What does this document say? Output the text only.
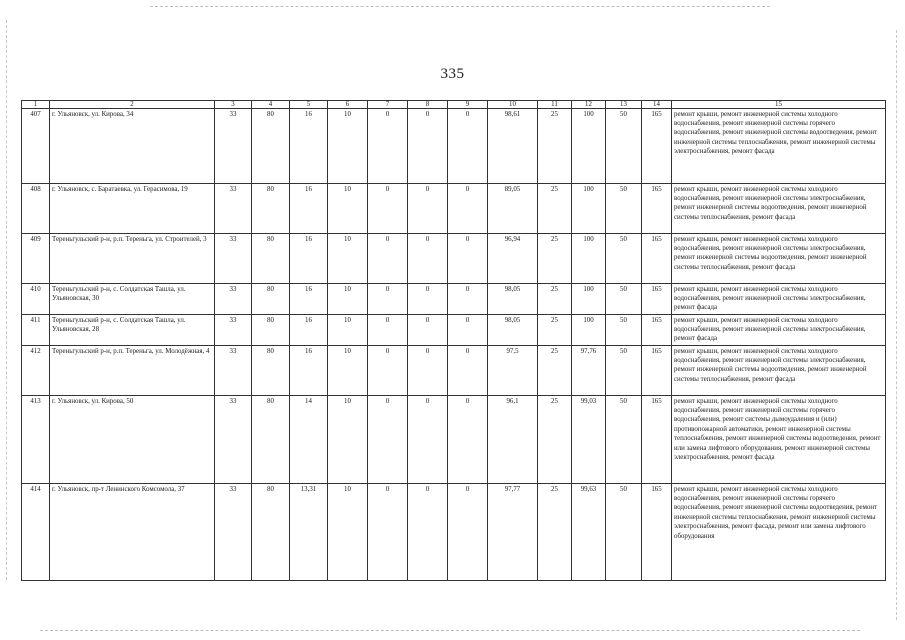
335
1	2	3	4	5	6	7	8	9	10	11	12	13	14	15
407	г. Ульяновск, ул. Кирова, 34	33	80	16	10	0	0	0	98,61	25	100	50	165	ремонт крыши, ремонт инженерной системы холодного водоснабжения, ремонт инженерной системы горячего водоснабжения, ремонт инженерной системы водоотведения, ремонт инженерной системы теплоснабжения, ремонт инженерной системы электроснабжения, ремонт фасада
408	г. Ульяновск, с. Баратаевка, ул. Герасимова, 19	33	80	16	10	0	0	0	89,05	25	100	50	165	ремонт крыши, ремонт инженерной системы холодного водоснабжения, ремонт инженерной системы электроснабжения, ремонт инженерной системы водоотведения, ремонт инженерной системы теплоснабжения, ремонт фасада
409	Тереньгульский р-н, р.п. Тереньга, ул. Строителей, 3	33	80	16	10	0	0	0	96,94	25	100	50	165	ремонт крыши, ремонт инженерной системы холодного водоснабжения, ремонт инженерной системы электроснабжения, ремонт инженерной системы водоотведения, ремонт инженерной системы теплоснабжения, ремонт фасада
410	Тереньгульский р-н, с. Солдатская Ташла, ул. Ульяновская, 30	33	80	16	10	0	0	0	98,05	25	100	50	165	ремонт крыши, ремонт инженерной системы холодного водоснабжения, ремонт инженерной системы электроснабжения, ремонт фасада
411	Тереньгульский р-н, с. Солдатская Ташла, ул. Ульяновская, 28	33	80	16	10	0	0	0	98,05	25	100	50	165	ремонт крыши, ремонт инженерной системы холодного водоснабжения, ремонт инженерной системы электроснабжения, ремонт фасада
412	Тереньгульский р-н, р.п. Тереньга, ул. Молодёжная, 4	33	80	16	10	0	0	0	97,5	25	97,76	50	165	ремонт крыши, ремонт инженерной системы холодного водоснабжения, ремонт инженерной системы электроснабжения, ремонт инженерной системы водоотведения, ремонт инженерной системы теплоснабжения, ремонт фасада
413	г. Ульяновск, ул. Кирова, 50	33	80	14	10	0	0	0	96,1	25	99,03	50	165	ремонт крыши, ремонт инженерной системы холодного водоснабжения, ремонт инженерной системы горячего водоснабжения, ремонт системы дымоудаления и (или) противопожарной автоматики, ремонт инженерной системы теплоснабжения, ремонт инженерной системы водоотведения, ремонт или замена лифтового оборудования, ремонт инженерной системы электроснабжения, ремонт фасада
414	г. Ульяновск, пр-т Ленинского Комсомола, 37	33	80	13,31	10	0	0	0	97,77	25	99,63	50	165	ремонт крыши, ремонт инженерной системы холодного водоснабжения, ремонт инженерной системы горячего водоснабжения, ремонт инженерной системы водоотведения, ремонт инженерной системы теплоснабжения, ремонт инженерной системы электроснабжения, ремонт фасада, ремонт или замена лифтового оборудования
